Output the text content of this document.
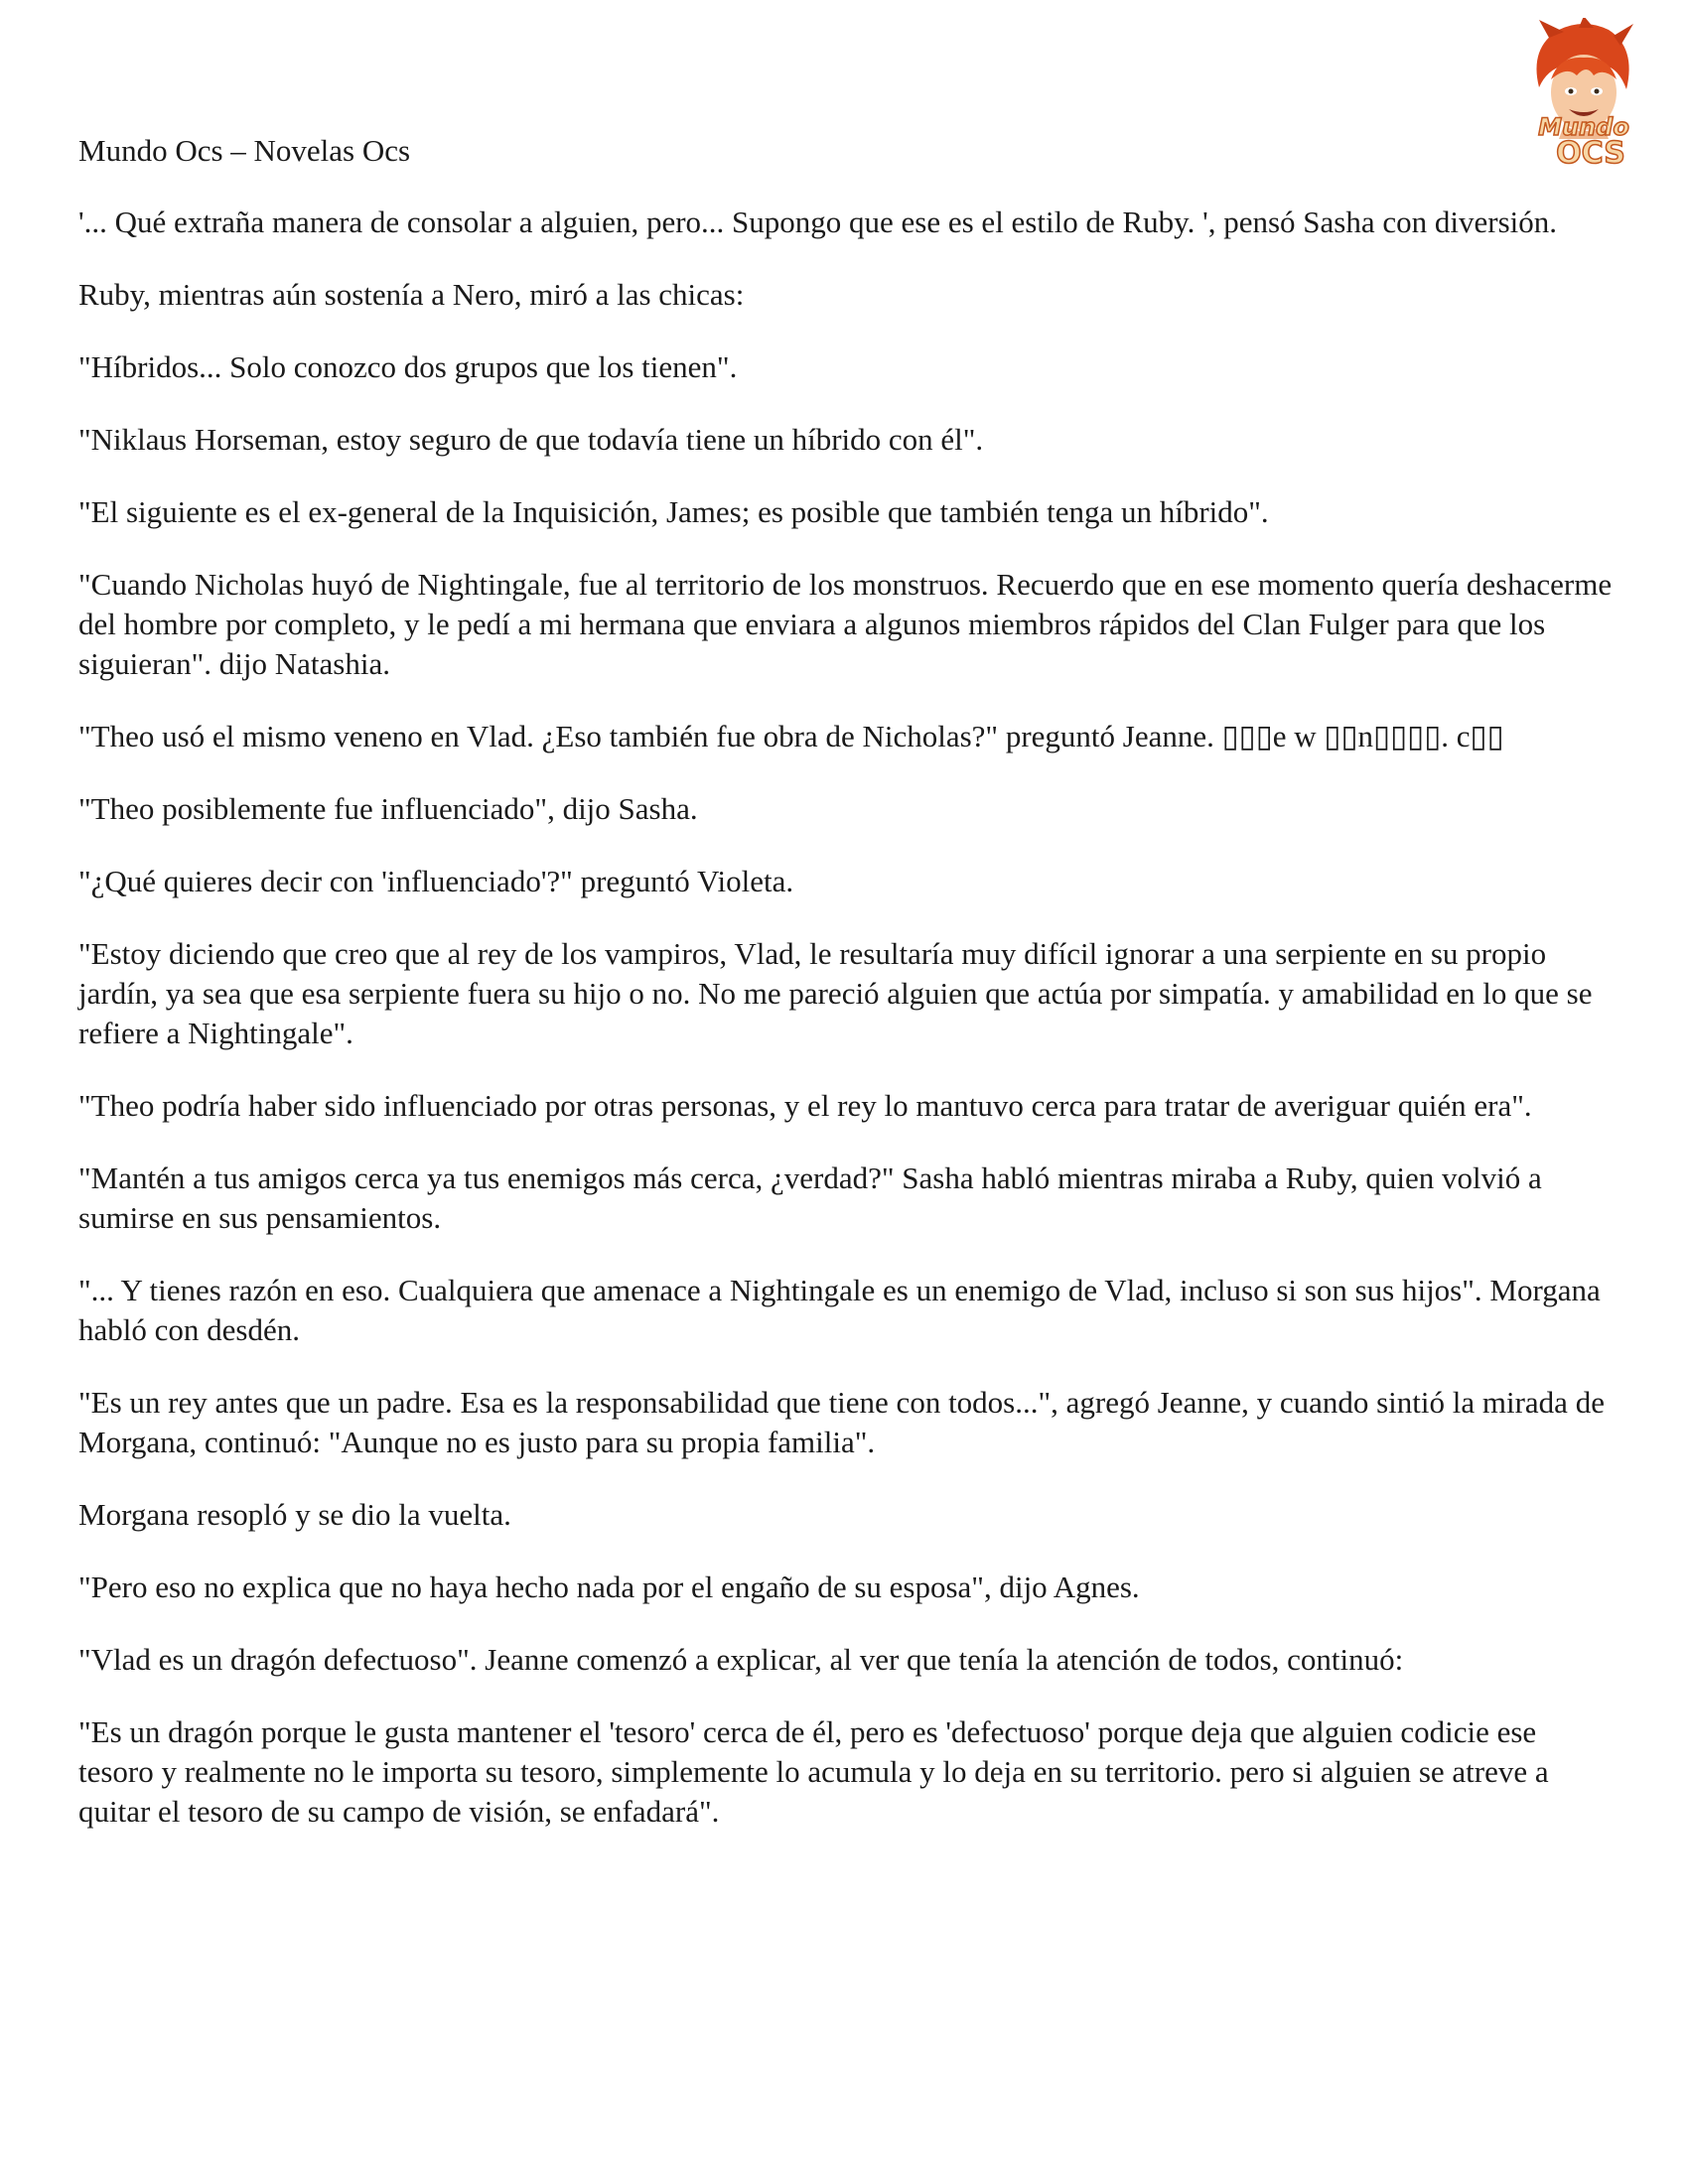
Mundo
OCS
Mundo Ocs – Novelas Ocs

'... Qué extraña manera de consolar a alguien, pero... Supongo que ese es el estilo de Ruby. ', pensó Sasha con diversión.

Ruby, mientras aún sostenía a Nero, miró a las chicas:

"Híbridos... Solo conozco dos grupos que los tienen".

"Niklaus Horseman, estoy seguro de que todavía tiene un híbrido con él".

"El siguiente es el ex-general de la Inquisición, James; es posible que también tenga un híbrido".

"Cuando Nicholas huyó de Nightingale, fue al territorio de los monstruos. Recuerdo que en ese momento quería deshacerme del hombre por completo, y le pedí a mi hermana que enviara a algunos miembros rápidos del Clan Fulger para que los siguieran". dijo Natashia.

"Theo usó el mismo veneno en Vlad. ¿Eso también fue obra de Nicholas?" preguntó Jeanne. ▯▯▯e w ▯▯n▯▯▯▯. c▯▯

"Theo posiblemente fue influenciado", dijo Sasha.

"¿Qué quieres decir con 'influenciado'?" preguntó Violeta.

"Estoy diciendo que creo que al rey de los vampiros, Vlad, le resultaría muy difícil ignorar a una serpiente en su propio jardín, ya sea que esa serpiente fuera su hijo o no. No me pareció alguien que actúa por simpatía. y amabilidad en lo que se refiere a Nightingale".

"Theo podría haber sido influenciado por otras personas, y el rey lo mantuvo cerca para tratar de averiguar quién era".

"Mantén a tus amigos cerca ya tus enemigos más cerca, ¿verdad?" Sasha habló mientras miraba a Ruby, quien volvió a sumirse en sus pensamientos.

"... Y tienes razón en eso. Cualquiera que amenace a Nightingale es un enemigo de Vlad, incluso si son sus hijos". Morgana habló con desdén.

"Es un rey antes que un padre. Esa es la responsabilidad que tiene con todos...", agregó Jeanne, y cuando sintió la mirada de Morgana, continuó: "Aunque no es justo para su propia familia".

Morgana resopló y se dio la vuelta.

"Pero eso no explica que no haya hecho nada por el engaño de su esposa", dijo Agnes.

"Vlad es un dragón defectuoso". Jeanne comenzó a explicar, al ver que tenía la atención de todos, continuó:

"Es un dragón porque le gusta mantener el 'tesoro' cerca de él, pero es 'defectuoso' porque deja que alguien codicie ese tesoro y realmente no le importa su tesoro, simplemente lo acumula y lo deja en su territorio. pero si alguien se atreve a quitar el tesoro de su campo de visión, se enfadará".
